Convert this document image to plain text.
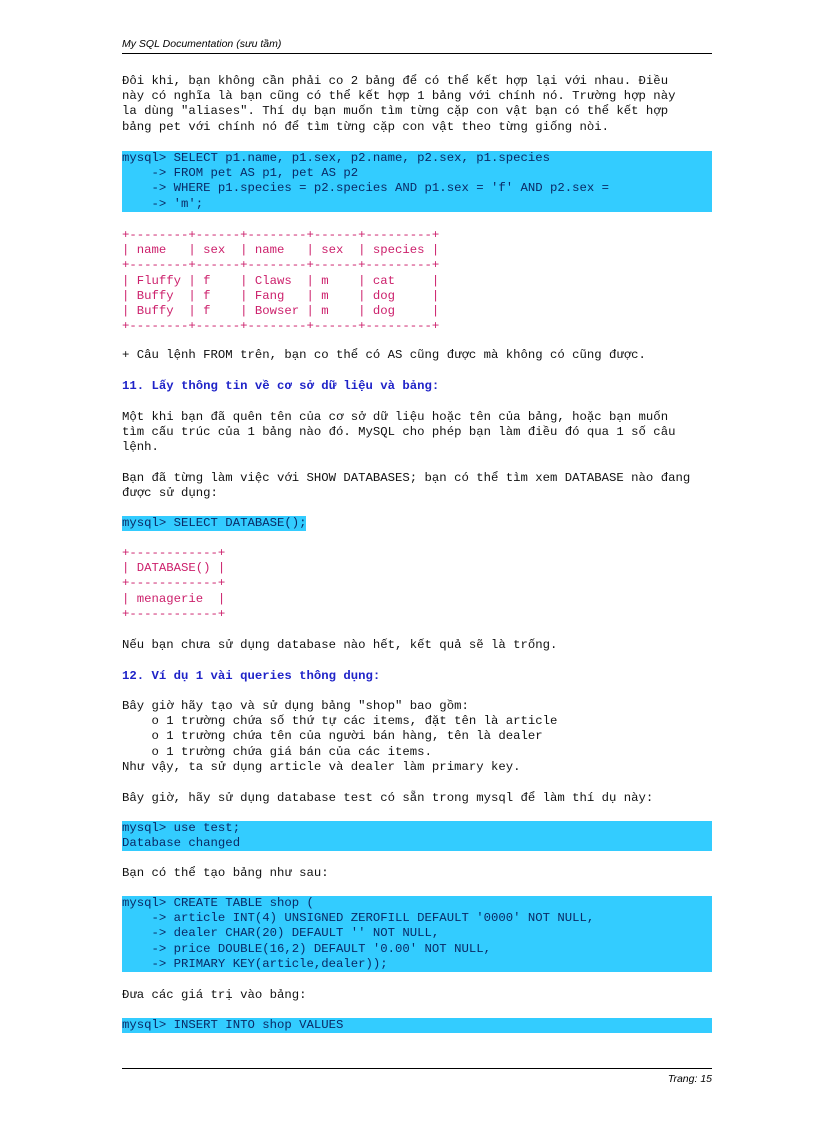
My SQL Documentation (sưu tầm)

Đôi khi, bạn không cần phải co 2 bảng để có thể kết hợp lại với nhau. Điều
này có nghĩa là bạn cũng có thể kết hợp 1 bảng với chính nó. Trường hợp này
la dùng "aliases". Thí dụ bạn muốn tìm từng cặp con vật bạn có thể kết hợp
bảng pet với chính nó để tìm từng cặp con vật theo từng giống nòi.

mysql> SELECT p1.name, p1.sex, p2.name, p2.sex, p1.species
-> FROM pet AS p1, pet AS p2
-> WHERE p1.species = p2.species AND p1.sex = 'f' AND p2.sex =
-> 'm';
+--------+------+--------+------+---------+
| name   | sex  | name   | sex  | species |
+--------+------+--------+------+---------+
| Fluffy | f    | Claws  | m    | cat     |
| Buffy  | f    | Fang   | m    | dog     |
| Buffy  | f    | Bowser | m    | dog     |
+--------+------+--------+------+---------+

+ Câu lệnh FROM trên, bạn co thể có AS cũng được mà không có cũng được.

11. Lấy thông tin về cơ sở dữ liệu và bảng:

Một khi bạn đã quên tên của cơ sở dữ liệu hoặc tên của bảng, hoặc bạn muốn
tìm cấu trúc của 1 bảng nào đó. MySQL cho phép bạn làm điều đó qua 1 số câu
lệnh.

Bạn đã từng làm việc với SHOW DATABASES; bạn có thể tìm xem DATABASE nào đang
được sử dụng:

mysql> SELECT DATABASE();
+------------+
| DATABASE() |
+------------+
| menagerie  |
+------------+

Nếu bạn chưa sử dụng database nào hết, kết quả sẽ là trống.

12. Ví dụ 1 vài queries thông dụng:

Bây giờ hãy tạo và sử dụng bảng "shop" bao gồm:
o 1 trường chứa số thứ tự các items, đặt tên là article
o 1 trường chứa tên của người bán hàng, tên là dealer
o 1 trường chứa giá bán của các items.
Như vậy, ta sử dụng article và dealer làm primary key.

Bây giờ, hãy sử dụng database test có sẵn trong mysql để làm thí dụ này:

mysql> use test;
Database changed

Bạn có thể tạo bảng như sau:

mysql> CREATE TABLE shop (
-> article INT(4) UNSIGNED ZEROFILL DEFAULT '0000' NOT NULL,
-> dealer CHAR(20) DEFAULT '' NOT NULL,
-> price DOUBLE(16,2) DEFAULT '0.00' NOT NULL,
-> PRIMARY KEY(article,dealer));

Đưa các giá trị vào bảng:

mysql> INSERT INTO shop VALUES
Trang: 15
